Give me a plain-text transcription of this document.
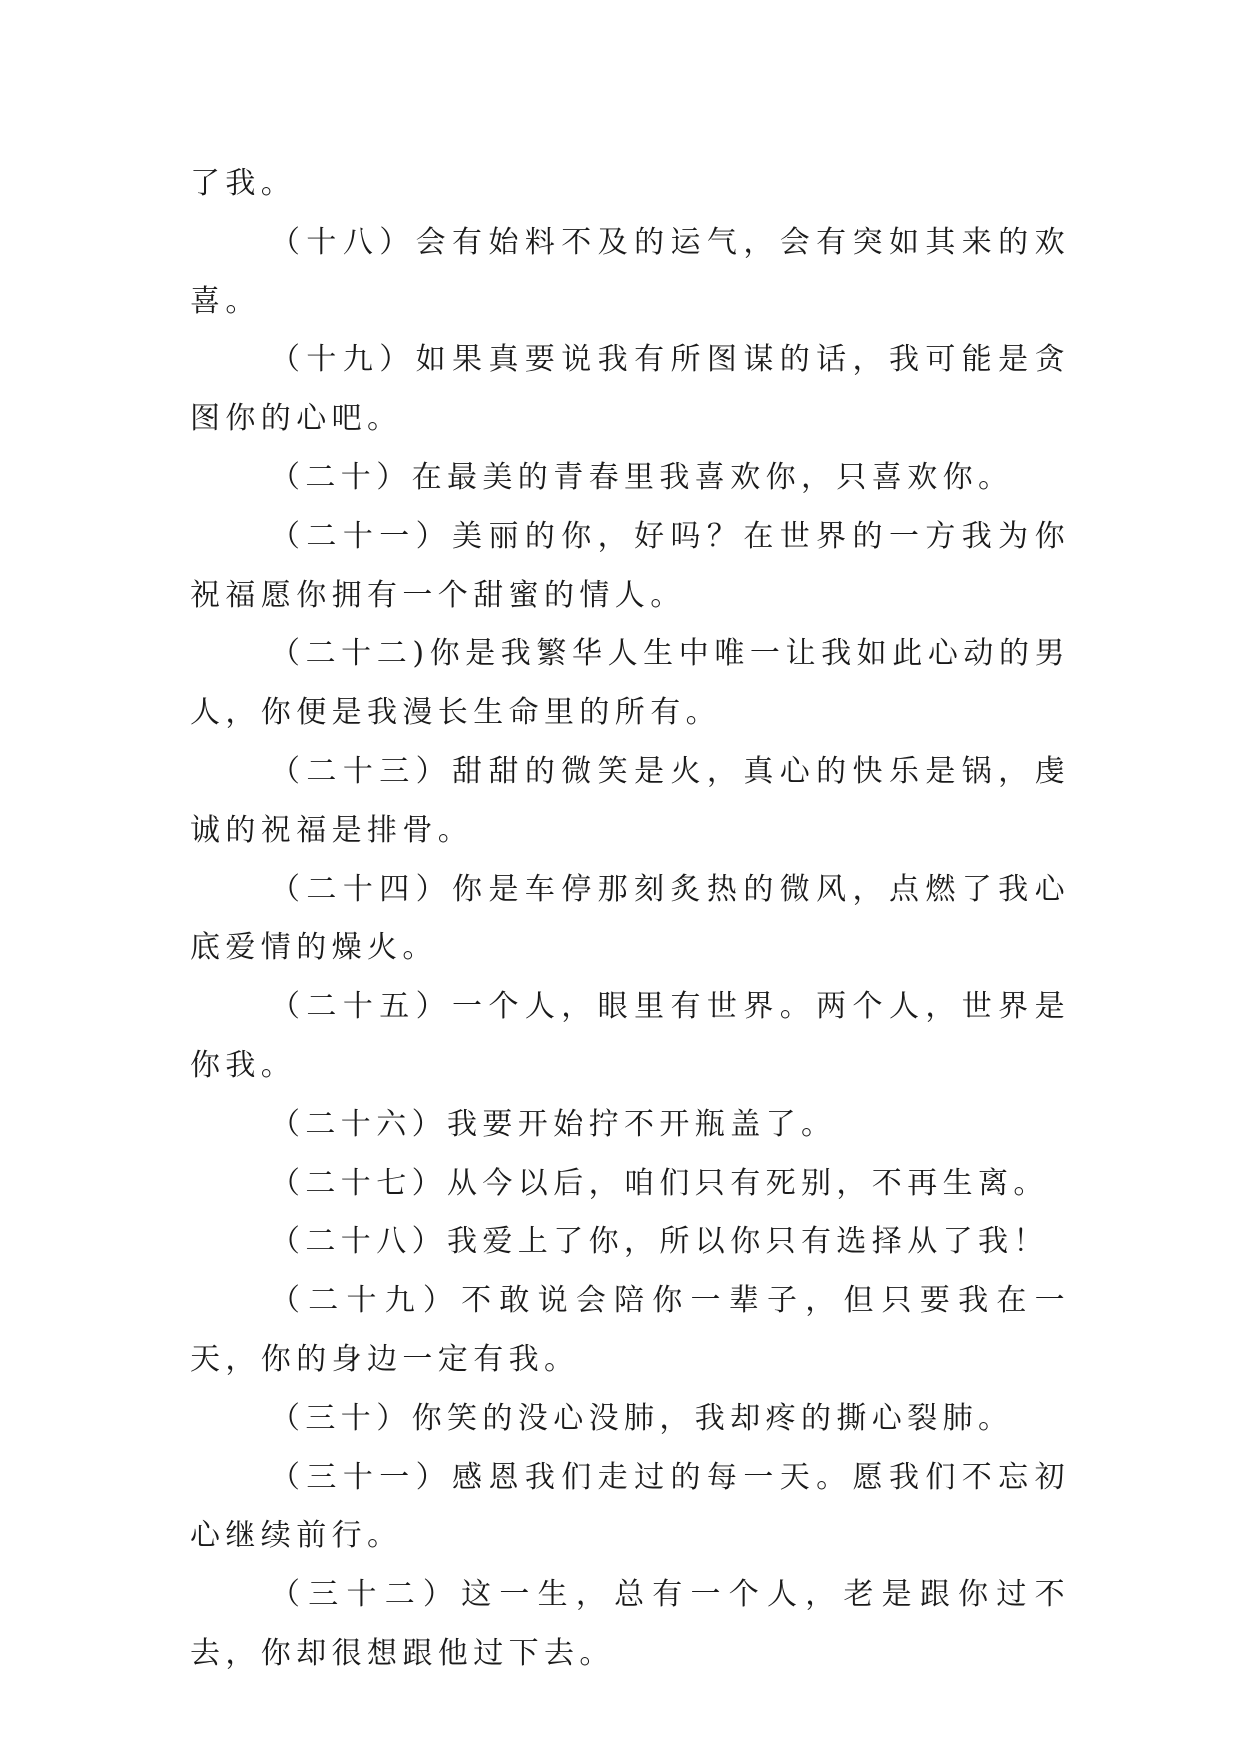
了我。

（十八）会有始料不及的运气，会有突如其来的欢喜。

（十九）如果真要说我有所图谋的话，我可能是贪图你的心吧。

（二十）在最美的青春里我喜欢你，只喜欢你。

（二十一）美丽的你，好吗？在世界的一方我为你祝福愿你拥有一个甜蜜的情人。

（二十二)你是我繁华人生中唯一让我如此心动的男人，你便是我漫长生命里的所有。

（二十三）甜甜的微笑是火，真心的快乐是锅，虔诚的祝福是排骨。

（二十四）你是车停那刻炙热的微风，点燃了我心底爱情的燥火。

（二十五）一个人，眼里有世界。两个人，世界是你我。

（二十六）我要开始拧不开瓶盖了。

（二十七）从今以后，咱们只有死别，不再生离。

（二十八）我爱上了你，所以你只有选择从了我！

（二十九）不敢说会陪你一辈子，但只要我在一天，你的身边一定有我。

（三十）你笑的没心没肺，我却疼的撕心裂肺。

（三十一）感恩我们走过的每一天。愿我们不忘初心继续前行。

（三十二）这一生，总有一个人，老是跟你过不去，你却很想跟他过下去。
